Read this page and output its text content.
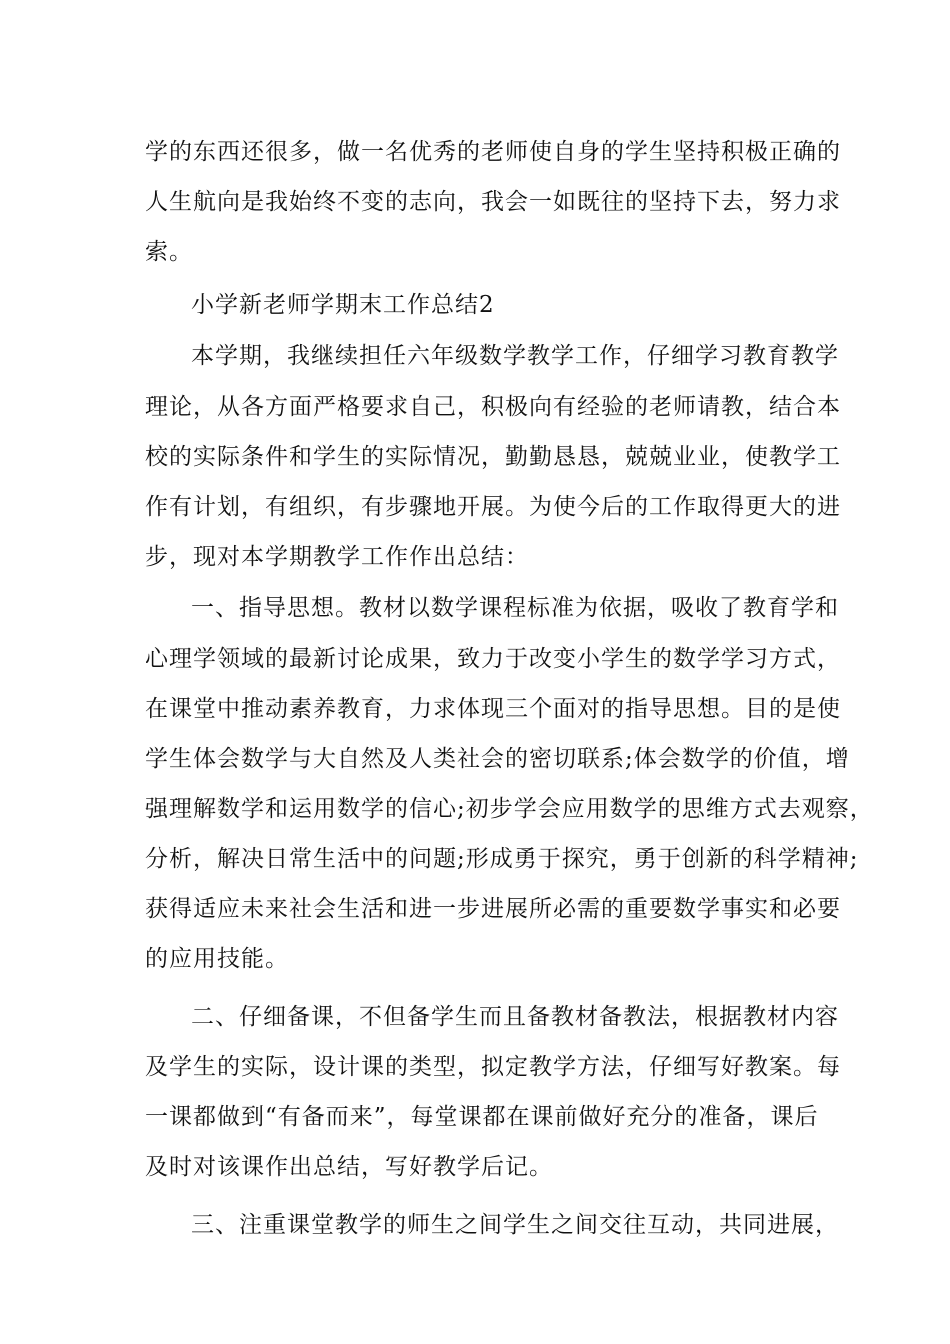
学的东西还很多，做一名优秀的老师使自身的学生坚持积极正确的
人生航向是我始终不变的志向，我会一如既往的坚持下去，努力求
索。
小学新老师学期末工作总结2
本学期，我继续担任六年级数学教学工作，仔细学习教育教学
理论，从各方面严格要求自己，积极向有经验的老师请教，结合本
校的实际条件和学生的实际情况，勤勤恳恳，兢兢业业，使教学工
作有计划，有组织，有步骤地开展。为使今后的工作取得更大的进
步，现对本学期教学工作作出总结：
一、指导思想。教材以数学课程标准为依据，吸收了教育学和
心理学领域的最新讨论成果，致力于改变小学生的数学学习方式，
在课堂中推动素养教育，力求体现三个面对的指导思想。目的是使
学生体会数学与大自然及人类社会的密切联系;体会数学的价值，增
强理解数学和运用数学的信心;初步学会应用数学的思维方式去观察，
分析，解决日常生活中的问题;形成勇于探究，勇于创新的科学精神;
获得适应未来社会生活和进一步进展所必需的重要数学事实和必要
的应用技能。
二、仔细备课，不但备学生而且备教材备教法，根据教材内容
及学生的实际，设计课的类型，拟定教学方法，仔细写好教案。每
一课都做到“有备而来”，每堂课都在课前做好充分的准备，课后
及时对该课作出总结，写好教学后记。
三、注重课堂教学的师生之间学生之间交往互动，共同进展，
